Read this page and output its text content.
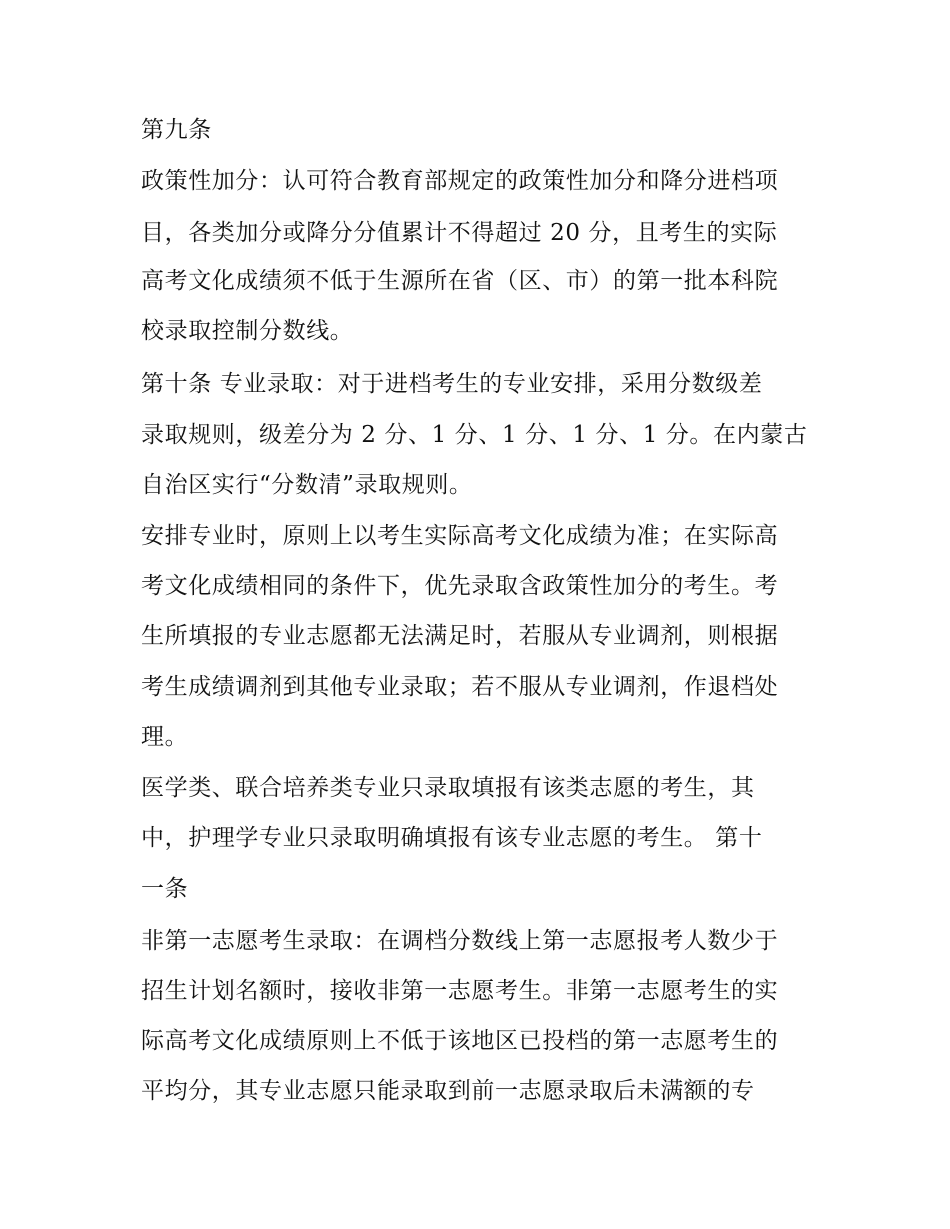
第九条

政策性加分：认可符合教育部规定的政策性加分和降分进档项

目，各类加分或降分分值累计不得超过 20 分，且考生的实际

高考文化成绩须不低于生源所在省（区、市）的第一批本科院

校录取控制分数线。

第十条 专业录取：对于进档考生的专业安排，采用分数级差

录取规则，级差分为 2 分、1 分、1 分、1 分、1 分。在内蒙古

自治区实行“分数清”录取规则。

安排专业时，原则上以考生实际高考文化成绩为准；在实际高

考文化成绩相同的条件下，优先录取含政策性加分的考生。考

生所填报的专业志愿都无法满足时，若服从专业调剂，则根据

考生成绩调剂到其他专业录取；若不服从专业调剂，作退档处

理。

医学类、联合培养类专业只录取填报有该类志愿的考生，其

中，护理学专业只录取明确填报有该专业志愿的考生。 第十

一条

非第一志愿考生录取：在调档分数线上第一志愿报考人数少于

招生计划名额时，接收非第一志愿考生。非第一志愿考生的实

际高考文化成绩原则上不低于该地区已投档的第一志愿考生的

平均分，其专业志愿只能录取到前一志愿录取后未满额的专
